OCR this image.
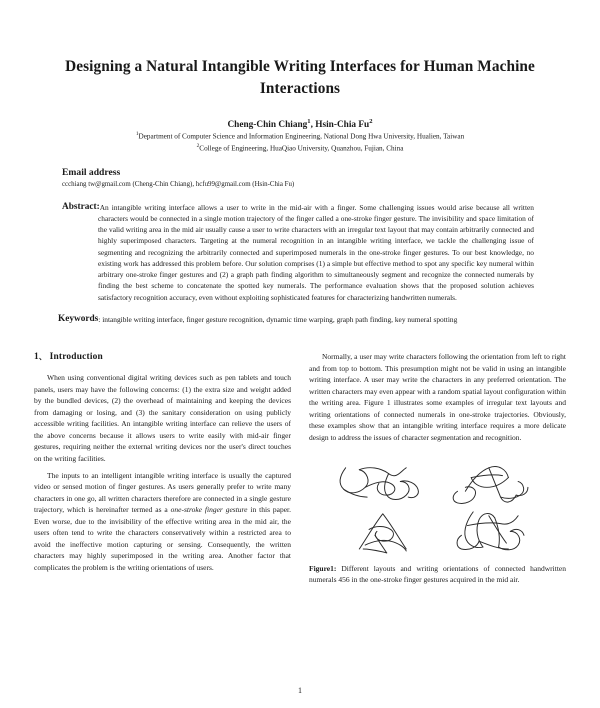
Designing a Natural Intangible Writing Interfaces for Human Machine Interactions
Cheng-Chin Chiang$^1$, Hsin-Chia Fu$^2$
$^1$Department of Computer Science and Information Engineering, National Dong Hwa University, Hualien, Taiwan
$^2$College of Engineering, HuaQiao University, Quanzhou, Fujian, China
Email address
ccchiang tw@gmail.com (Cheng-Chin Chiang), hcfu99@gmail.com (Hsin-Chia Fu)
Abstract: An intangible writing interface allows a user to write in the mid-air with a finger. Some challenging issues would arise because all written characters would be connected in a single motion trajectory of the finger called a one-stroke finger gesture. The invisibility and space limitation of the valid writing area in the mid air usually cause a user to write characters with an irregular text layout that may contain arbitrarily connected and highly superimposed characters. Targeting at the numeral recognition in an intangible writing interface, we tackle the challenging issue of segmenting and recognizing the arbitrarily connected and superimposed numerals in the one-stroke finger gestures. To our best knowledge, no existing work has addressed this problem before. Our solution comprises (1) a simple but effective method to spot any specific key numeral within arbitrary one-stroke finger gestures and (2) a graph path finding algorithm to simultaneously segment and recognize the connected numerals by finding the best scheme to concatenate the spotted key numerals. The performance evaluation shows that the proposed solution achieves satisfactory recognition accuracy, even without exploiting sophisticated features for characterizing handwritten numerals.
Keywords : intangible writing interface, finger gesture recognition, dynamic time warping, graph path finding, key numeral spotting
1、 Introduction

When using conventional digital writing devices such as pen tablets and touch panels, users may have the following concerns: (1) the extra size and weight added by the bundled devices, (2) the overhead of maintaining and keeping the devices from damaging or losing, and (3) the sanitary consideration on using publicly accessible writing facilities. An intangible writing interface can relieve the users of the above concerns because it allows users to write easily with mid-air finger gestures, requiring neither the external writing devices nor the user's direct touches on the writing facilities.

The inputs to an intelligent intangible writing interface is usually the captured video or sensed motion of finger gestures. As users generally prefer to write many characters in one go, all written characters therefore are connected in a single gesture trajectory, which is hereinafter termed as a one-stroke finger gesture in this paper. Even worse, due to the invisibility of the effective writing area in the mid air, the users often tend to write the characters conservatively within a restricted area to avoid the ineffective motion capturing or sensing. Consequently, the written characters may highly superimposed in the writing area. Another factor that complicates the problem is the writing orientations of users.

Normally, a user may write characters following the orientation from left to right and from top to bottom. This presumption might not be valid in using an intangible writing interface. A user may write the characters in any preferred orientation. The written characters may even appear with a random spatial layout configuration within the writing area. Figure 1 illustrates some examples of irregular text layouts and writing orientations of connected numerals in one-stroke trajectories. Obviously, these examples show that an intangible writing interface requires a more delicate design to address the issues of character segmentation and recognition.

Figure1: Different layouts and writing orientations of connected handwritten numerals 456 in the one-stroke finger gestures acquired in the mid air.
1
